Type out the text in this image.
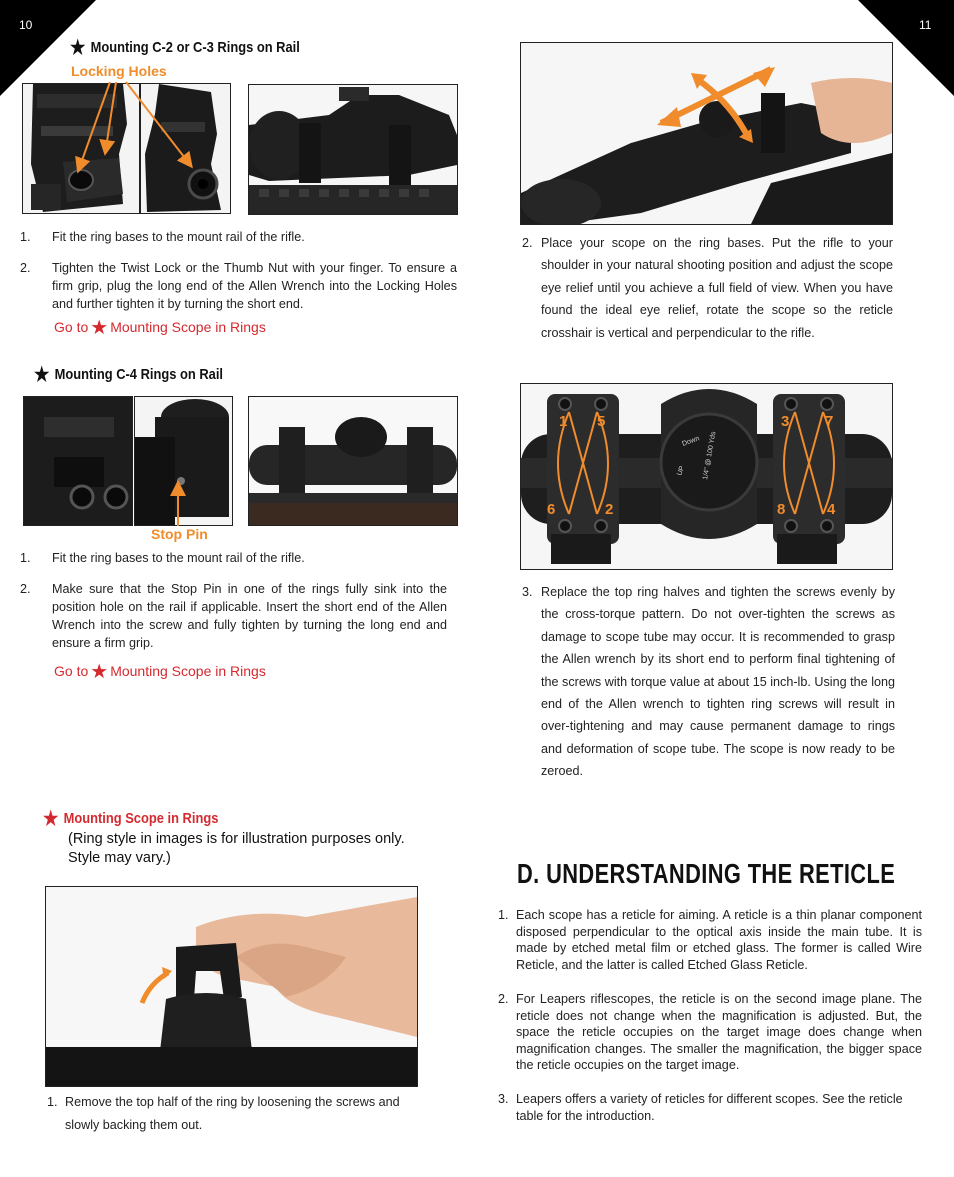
10	11
★ Mounting C-2 or C-3 Rings on Rail
Locking Holes
1. Fit the ring bases to the mount rail of the rifle.
2. Tighten the Twist Lock or the Thumb Nut with your finger. To ensure a firm grip, plug the long end of the Allen Wrench into the Locking Holes and further tighten it by turning the short end.
Go to ★ Mounting Scope in Rings
★ Mounting C-4 Rings on Rail
Stop Pin
1. Fit the ring bases to the mount rail of the rifle.
2. Make sure that the Stop Pin in one of the rings fully sink into the position hole on the rail if applicable. Insert the short end of the Allen Wrench into the screw and fully tighten by turning the long end and ensure a firm grip.
Go to ★ Mounting Scope in Rings
★ Mounting Scope in Rings
(Ring style in images is for illustration purposes only. Style may vary.)
1. Remove the top half of the ring by loosening the screws and slowly backing them out.
2. Place your scope on the ring bases. Put the rifle to your shoulder in your natural shooting position and adjust the scope eye relief until you achieve a full field of view. When you have found the ideal eye relief, rotate the scope so the reticle crosshair is vertical and perpendicular to the rifle.
1 5
6	2
3 7
8	4
Down
UP 1/4" @ 100 Yds
3. Replace the top ring halves and tighten the screws evenly by the cross-torque pattern. Do not over-tighten the screws as damage to scope tube may occur. It is recommended to grasp the Allen wrench by its short end to perform final tightening of the screws with torque value at about 15 inch-lb. Using the long end of the Allen wrench to tighten ring screws will result in over-tightening and may cause permanent damage to rings and deformation of scope tube. The scope is now ready to be zeroed.
D. UNDERSTANDING THE RETICLE
1. Each scope has a reticle for aiming. A reticle is a thin planar component disposed perpendicular to the optical axis inside the main tube. It is made by etched metal film or etched glass. The former is called Wire Reticle, and the latter is called Etched Glass Reticle.
2. For Leapers riflescopes, the reticle is on the second image plane. The reticle does not change when the magnification is adjusted. But, the space the reticle occupies on the target image does change when magnification changes. The smaller the magnification, the bigger space the reticle occupies on the target image.
3. Leapers offers a variety of reticles for different scopes. See the reticle table for the introduction.
